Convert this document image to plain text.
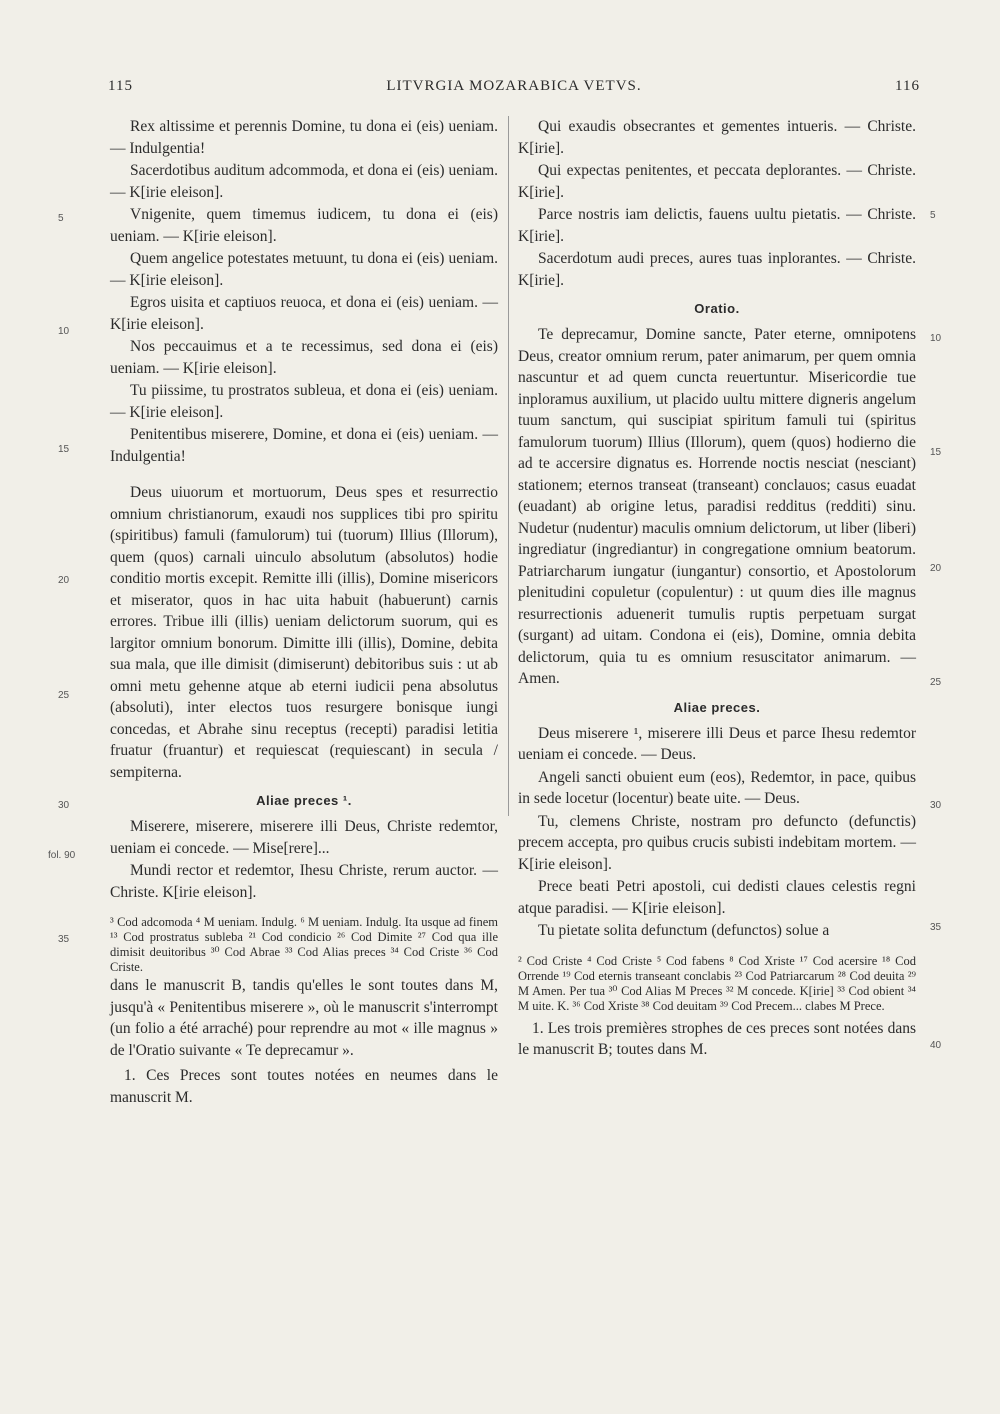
115	LITVRGIA MOZARABICA VETVS.	116
5
10
15
20
25
30
fol. 90
35
5
10
15
20
25
30
35
40

Rex altissime et perennis Domine, tu dona ei (eis) ueniam. — Indulgentia!

Sacerdotibus auditum adcommoda, et dona ei (eis) ueniam. — K[irie eleison].

Vnigenite, quem timemus iudicem, tu dona ei (eis) ueniam. — K[irie eleison].

Quem angelice potestates metuunt, tu dona ei (eis) ueniam. — K[irie eleison].

Egros uisita et captiuos reuoca, et dona ei (eis) ueniam. — K[irie eleison].

Nos peccauimus et a te recessimus, sed dona ei (eis) ueniam. — K[irie eleison].

Tu piissime, tu prostratos subleua, et dona ei (eis) ueniam. — K[irie eleison].

Penitentibus miserere, Domine, et dona ei (eis) ueniam. — Indulgentia!

Deus uiuorum et mortuorum, Deus spes et resurrectio omnium christianorum, exaudi nos supplices tibi pro spiritu (spiritibus) famuli (famulorum) tui (tuorum) Illius (Illorum), quem (quos) carnali uinculo absolutum (absolutos) hodie conditio mortis excepit. Remitte illi (illis), Domine misericors et miserator, quos in hac uita habuit (habuerunt) carnis errores. Tribue illi (illis) ueniam delictorum suorum, qui es largitor omnium bonorum. Dimitte illi (illis), Domine, debita sua mala, que ille dimisit (dimiserunt) debitoribus suis : ut ab omni metu gehenne atque ab eterni iudicii pena absolutus (absoluti), inter electos tuos resurgere bonisque iungi concedas, et Abrahe sinu receptus (recepti) paradisi letitia fruatur (fruantur) et requiescat (requiescant) in secula / sempiterna.

Aliae preces ¹.

Miserere, miserere, miserere illi Deus, Christe redemtor, ueniam ei concede. — Mise[rere]...

Mundi rector et redemtor, Ihesu Christe, rerum auctor. — Christe. K[irie eleison].

³ Cod adcomoda ⁴ M ueniam. Indulg. ⁶ M ueniam. Indulg. Ita usque ad finem ¹³ Cod prostratus subleba ²¹ Cod condicio ²⁶ Cod Dimite ²⁷ Cod qua ille dimisit deuitoribus ³⁰ Cod Abrae ³³ Cod Alias preces ³⁴ Cod Criste ³⁶ Cod Criste.

dans le manuscrit B, tandis qu'elles le sont toutes dans M, jusqu'à « Penitentibus miserere », où le manuscrit s'interrompt (un folio a été arraché) pour reprendre au mot « ille magnus » de l'Oratio suivante « Te deprecamur ».

1. Ces Preces sont toutes notées en neumes dans le manuscrit M.

Qui exaudis obsecrantes et gementes intueris. — Christe. K[irie].

Qui expectas penitentes, et peccata deplorantes. — Christe. K[irie].

Parce nostris iam delictis, fauens uultu pietatis. — Christe. K[irie].

Sacerdotum audi preces, aures tuas inplorantes. — Christe. K[irie].

Oratio.

Te deprecamur, Domine sancte, Pater eterne, omnipotens Deus, creator omnium rerum, pater animarum, per quem omnia nascuntur et ad quem cuncta reuertuntur. Misericordie tue inploramus auxilium, ut placido uultu mittere digneris angelum tuum sanctum, qui suscipiat spiritum famuli tui (spiritus famulorum tuorum) Illius (Illorum), quem (quos) hodierno die ad te accersire dignatus es. Horrende noctis nesciat (nesciant) stationem; eternos transeat (transeant) conclauos; casus euadat (euadant) ab origine letus, paradisi redditus (redditi) sinu. Nudetur (nudentur) maculis omnium delictorum, ut liber (liberi) ingrediatur (ingrediantur) in congregatione omnium beatorum. Patriarcharum iungatur (iungantur) consortio, et Apostolorum plenitudini copuletur (copulentur) : ut quum dies ille magnus resurrectionis aduenerit tumulis ruptis perpetuam surgat (surgant) ad uitam. Condona ei (eis), Domine, omnia debita delictorum, quia tu es omnium resuscitator animarum. — Amen.

Aliae preces.

Deus miserere ¹, miserere illi Deus et parce Ihesu redemtor ueniam ei concede. — Deus.

Angeli sancti obuient eum (eos), Redemtor, in pace, quibus in sede locetur (locentur) beate uite. — Deus.

Tu, clemens Christe, nostram pro defuncto (defunctis) precem accepta, pro quibus crucis subisti indebitam mortem. — K[irie eleison].

Prece beati Petri apostoli, cui dedisti claues celestis regni atque paradisi. — K[irie eleison].

Tu pietate solita defunctum (defunctos) solue a

² Cod Criste ⁴ Cod Criste ⁵ Cod fabens ⁸ Cod Xriste ¹⁷ Cod acersire ¹⁸ Cod Orrende ¹⁹ Cod eternis transeant conclabis ²³ Cod Patriarcarum ²⁸ Cod deuita ²⁹ M Amen. Per tua ³⁰ Cod Alias M Preces ³² M concede. K[irie] ³³ Cod obient ³⁴ M uite. K. ³⁶ Cod Xriste ³⁸ Cod deuitam ³⁹ Cod Precem... clabes M Prece.

1. Les trois premières strophes de ces preces sont notées dans le manuscrit B; toutes dans M.
